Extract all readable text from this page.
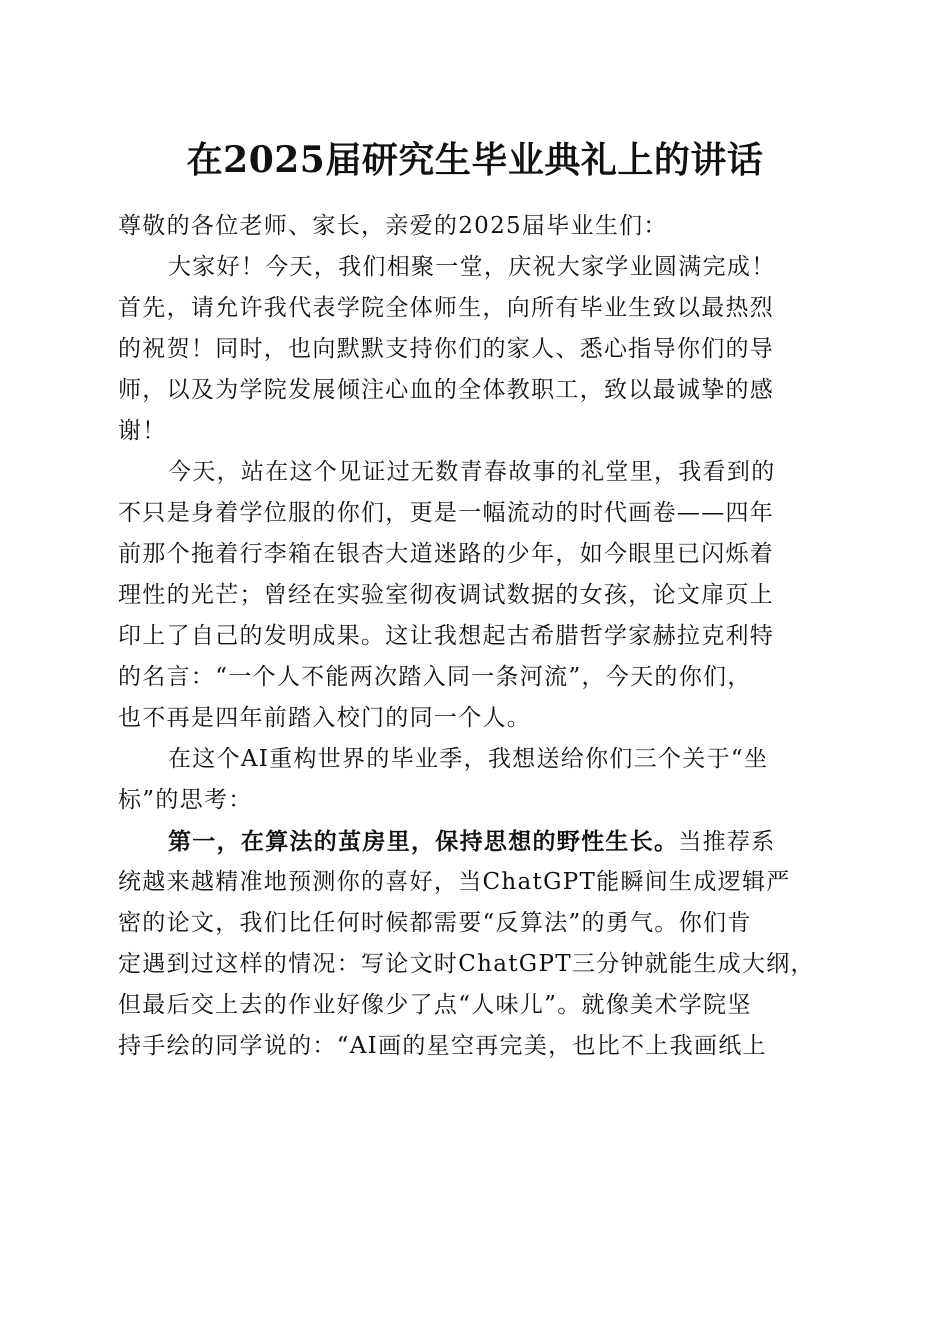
在2025届研究生毕业典礼上的讲话
尊敬的各位老师、家长，亲爱的2025届毕业生们：
大家好！今天，我们相聚一堂，庆祝大家学业圆满完成！
首先，请允许我代表学院全体师生，向所有毕业生致以最热烈
的祝贺！同时，也向默默支持你们的家人、悉心指导你们的导
师，以及为学院发展倾注心血的全体教职工，致以最诚挚的感
谢！
今天，站在这个见证过无数青春故事的礼堂里，我看到的
不只是身着学位服的你们，更是一幅流动的时代画卷——四年
前那个拖着行李箱在银杏大道迷路的少年，如今眼里已闪烁着
理性的光芒；曾经在实验室彻夜调试数据的女孩，论文扉页上
印上了自己的发明成果。这让我想起古希腊哲学家赫拉克利特
的名言：“一个人不能两次踏入同一条河流”，今天的你们，
也不再是四年前踏入校门的同一个人。
在这个AI重构世界的毕业季，我想送给你们三个关于“坐
标”的思考：
第一，在算法的茧房里，保持思想的野性生长。当推荐系
统越来越精准地预测你的喜好，当ChatGPT能瞬间生成逻辑严
密的论文，我们比任何时候都需要“反算法”的勇气。你们肯
定遇到过这样的情况：写论文时ChatGPT三分钟就能生成大纲，
但最后交上去的作业好像少了点“人味儿”。就像美术学院坚
持手绘的同学说的：“AI画的星空再完美，也比不上我画纸上
